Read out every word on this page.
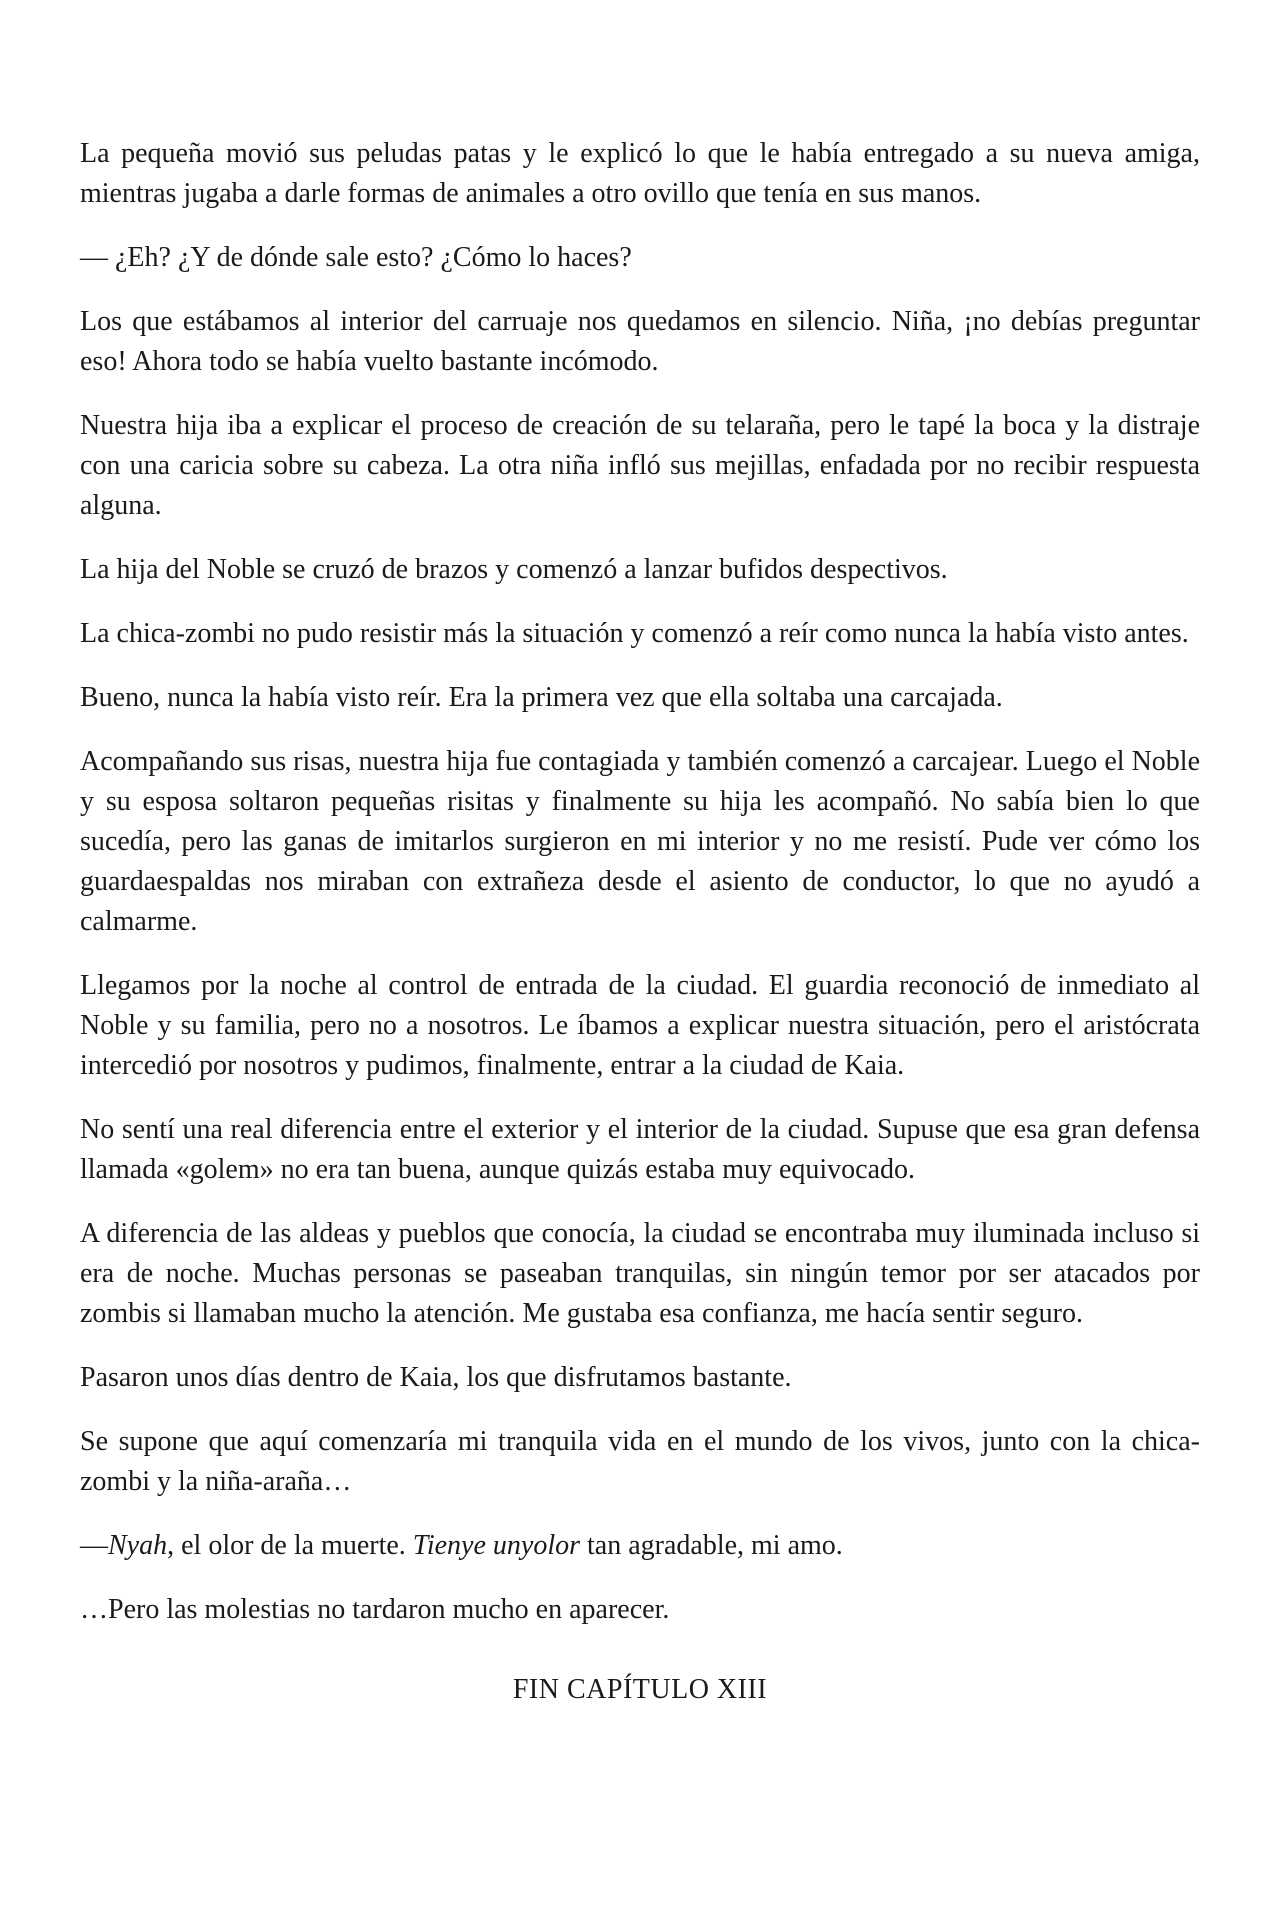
La pequeña movió sus peludas patas y le explicó lo que le había entregado a su nueva amiga, mientras jugaba a darle formas de animales a otro ovillo que tenía en sus manos.

— ¿Eh? ¿Y de dónde sale esto? ¿Cómo lo haces?

Los que estábamos al interior del carruaje nos quedamos en silencio. Niña, ¡no debías preguntar eso! Ahora todo se había vuelto bastante incómodo.

Nuestra hija iba a explicar el proceso de creación de su telaraña, pero le tapé la boca y la distraje con una caricia sobre su cabeza. La otra niña infló sus mejillas, enfadada por no recibir respuesta alguna.

La hija del Noble se cruzó de brazos y comenzó a lanzar bufidos despectivos.

La chica-zombi no pudo resistir más la situación y comenzó a reír como nunca la había visto antes.

Bueno, nunca la había visto reír. Era la primera vez que ella soltaba una carcajada.

Acompañando sus risas, nuestra hija fue contagiada y también comenzó a carcajear. Luego el Noble y su esposa soltaron pequeñas risitas y finalmente su hija les acompañó. No sabía bien lo que sucedía, pero las ganas de imitarlos surgieron en mi interior y no me resistí. Pude ver cómo los guardaespaldas nos miraban con extrañeza desde el asiento de conductor, lo que no ayudó a calmarme.

Llegamos por la noche al control de entrada de la ciudad. El guardia reconoció de inmediato al Noble y su familia, pero no a nosotros. Le íbamos a explicar nuestra situación, pero el aristócrata intercedió por nosotros y pudimos, finalmente, entrar a la ciudad de Kaia.

No sentí una real diferencia entre el exterior y el interior de la ciudad. Supuse que esa gran defensa llamada «golem» no era tan buena, aunque quizás estaba muy equivocado.

A diferencia de las aldeas y pueblos que conocía, la ciudad se encontraba muy iluminada incluso si era de noche. Muchas personas se paseaban tranquilas, sin ningún temor por ser atacados por zombis si llamaban mucho la atención. Me gustaba esa confianza, me hacía sentir seguro.

Pasaron unos días dentro de Kaia, los que disfrutamos bastante.

Se supone que aquí comenzaría mi tranquila vida en el mundo de los vivos, junto con la chica-zombi y la niña-araña…

—Nyah, el olor de la muerte. Tienye unyolor tan agradable, mi amo.

…Pero las molestias no tardaron mucho en aparecer.

FIN CAPÍTULO XIII
